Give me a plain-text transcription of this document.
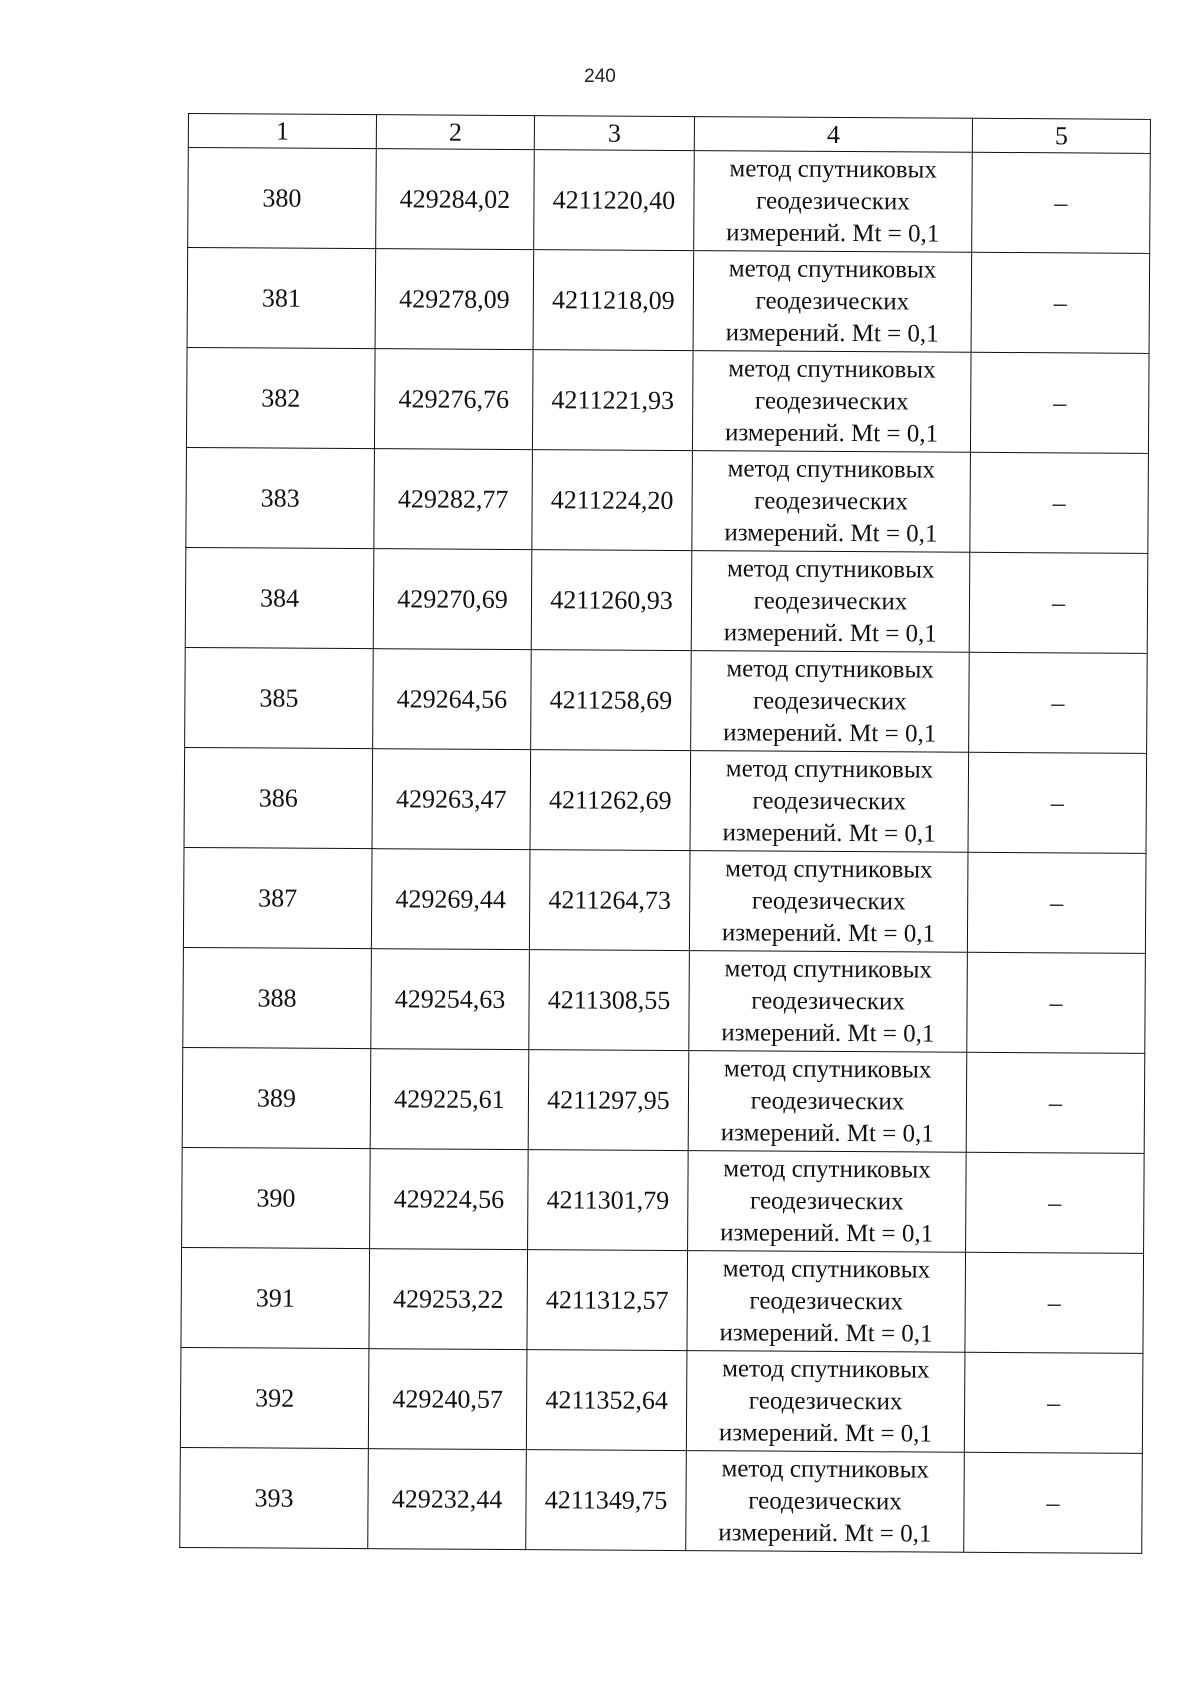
240
1	2	3	4	5
380	429284,02	4211220,40	метод спутниковых геодезических измерений. Mt = 0,1	–
381	429278,09	4211218,09	метод спутниковых геодезических измерений. Mt = 0,1	–
382	429276,76	4211221,93	метод спутниковых геодезических измерений. Mt = 0,1	–
383	429282,77	4211224,20	метод спутниковых геодезических измерений. Mt = 0,1	–
384	429270,69	4211260,93	метод спутниковых геодезических измерений. Mt = 0,1	–
385	429264,56	4211258,69	метод спутниковых геодезических измерений. Mt = 0,1	–
386	429263,47	4211262,69	метод спутниковых геодезических измерений. Mt = 0,1	–
387	429269,44	4211264,73	метод спутниковых геодезических измерений. Mt = 0,1	–
388	429254,63	4211308,55	метод спутниковых геодезических измерений. Mt = 0,1	–
389	429225,61	4211297,95	метод спутниковых геодезических измерений. Mt = 0,1	–
390	429224,56	4211301,79	метод спутниковых геодезических измерений. Mt = 0,1	–
391	429253,22	4211312,57	метод спутниковых геодезических измерений. Mt = 0,1	–
392	429240,57	4211352,64	метод спутниковых геодезических измерений. Mt = 0,1	–
393	429232,44	4211349,75	метод спутниковых геодезических измерений. Mt = 0,1	–
